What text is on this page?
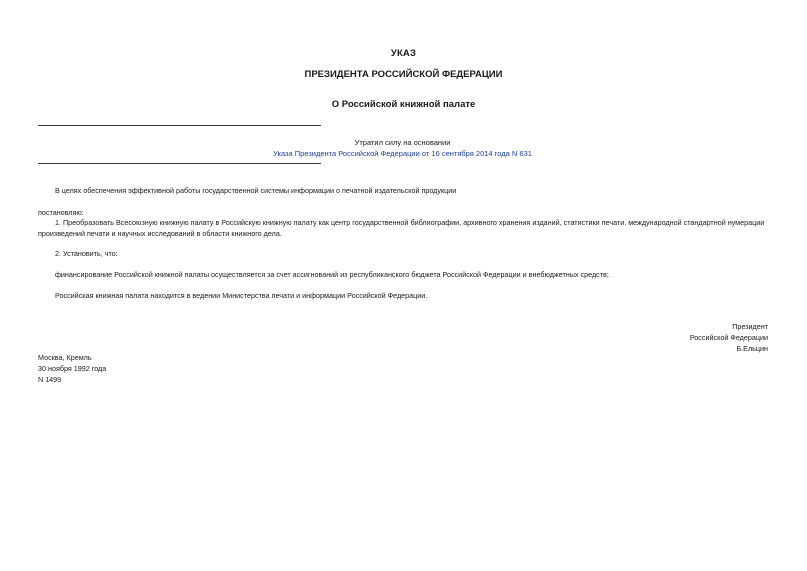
УКАЗ
ПРЕЗИДЕНТА РОССИЙСКОЙ ФЕДЕРАЦИИ
О Российской книжной палате
Утратил силу на основании
Указа Президента Российской Федерации от 16 сентября 2014 года N 631
В целях обеспечения эффективной работы государственной системы информации о печатной издательской продукции
постановляю:
1. Преобразовать Всесоюзную книжную палату в Российскую книжную палату как центр государственной библиографии, архивного хранения изданий, статистики печати, международной стандартной нумерации
произведений печати и научных исследований в области книжного дела.
2. Установить, что:
финансирование Российской книжной палаты осуществляется за счет ассигнований из республиканского бюджета Российской Федерации и внебюджетных средств;
Российская книжная палата находится в ведении Министерства печати и информации Российской Федерации.
Президент
Российской Федерации
Б.Ельцин
Москва, Кремль
30 ноября 1992 года
N 1499
